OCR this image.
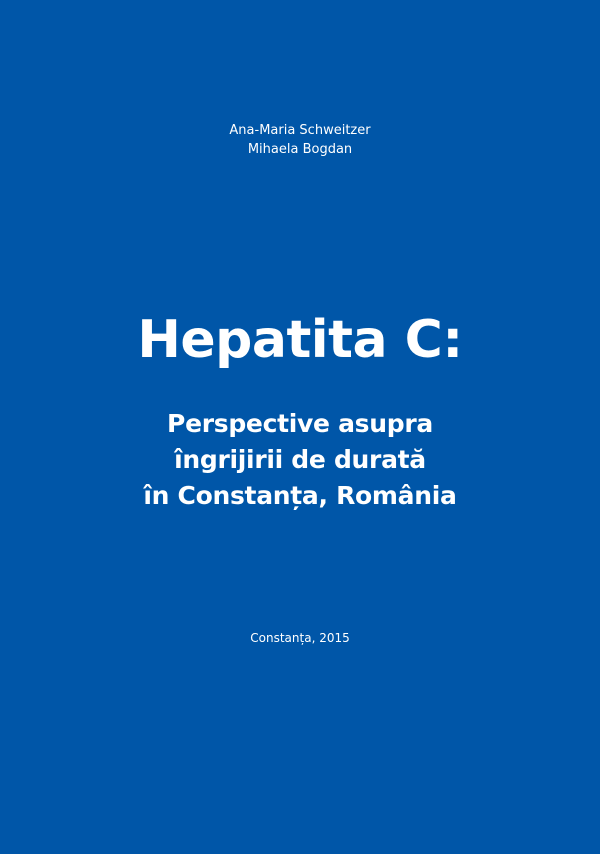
Ana-Maria Schweitzer
Mihaela Bogdan
Hepatita C:
Perspective asupra
îngrijirii de durată
în Constanța, România
Constanța, 2015
